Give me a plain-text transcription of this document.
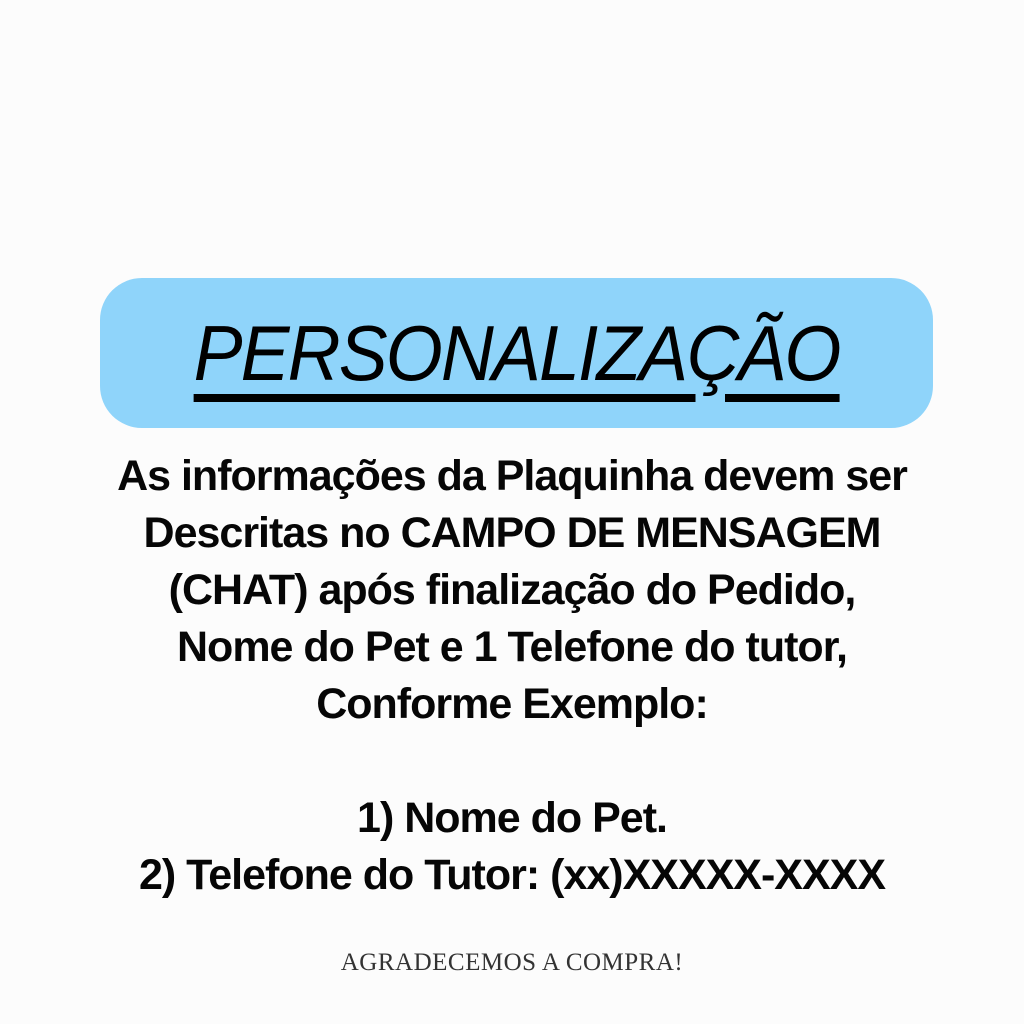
PERSONALIZAÇÃO
As informações da Plaquinha devem ser
Descritas no CAMPO DE MENSAGEM
(CHAT) após finalização do Pedido,
Nome do Pet e 1 Telefone do tutor,
Conforme Exemplo:
1) Nome do Pet.
2) Telefone do Tutor: (xx)XXXXX-XXXX
AGRADECEMOS A COMPRA!
